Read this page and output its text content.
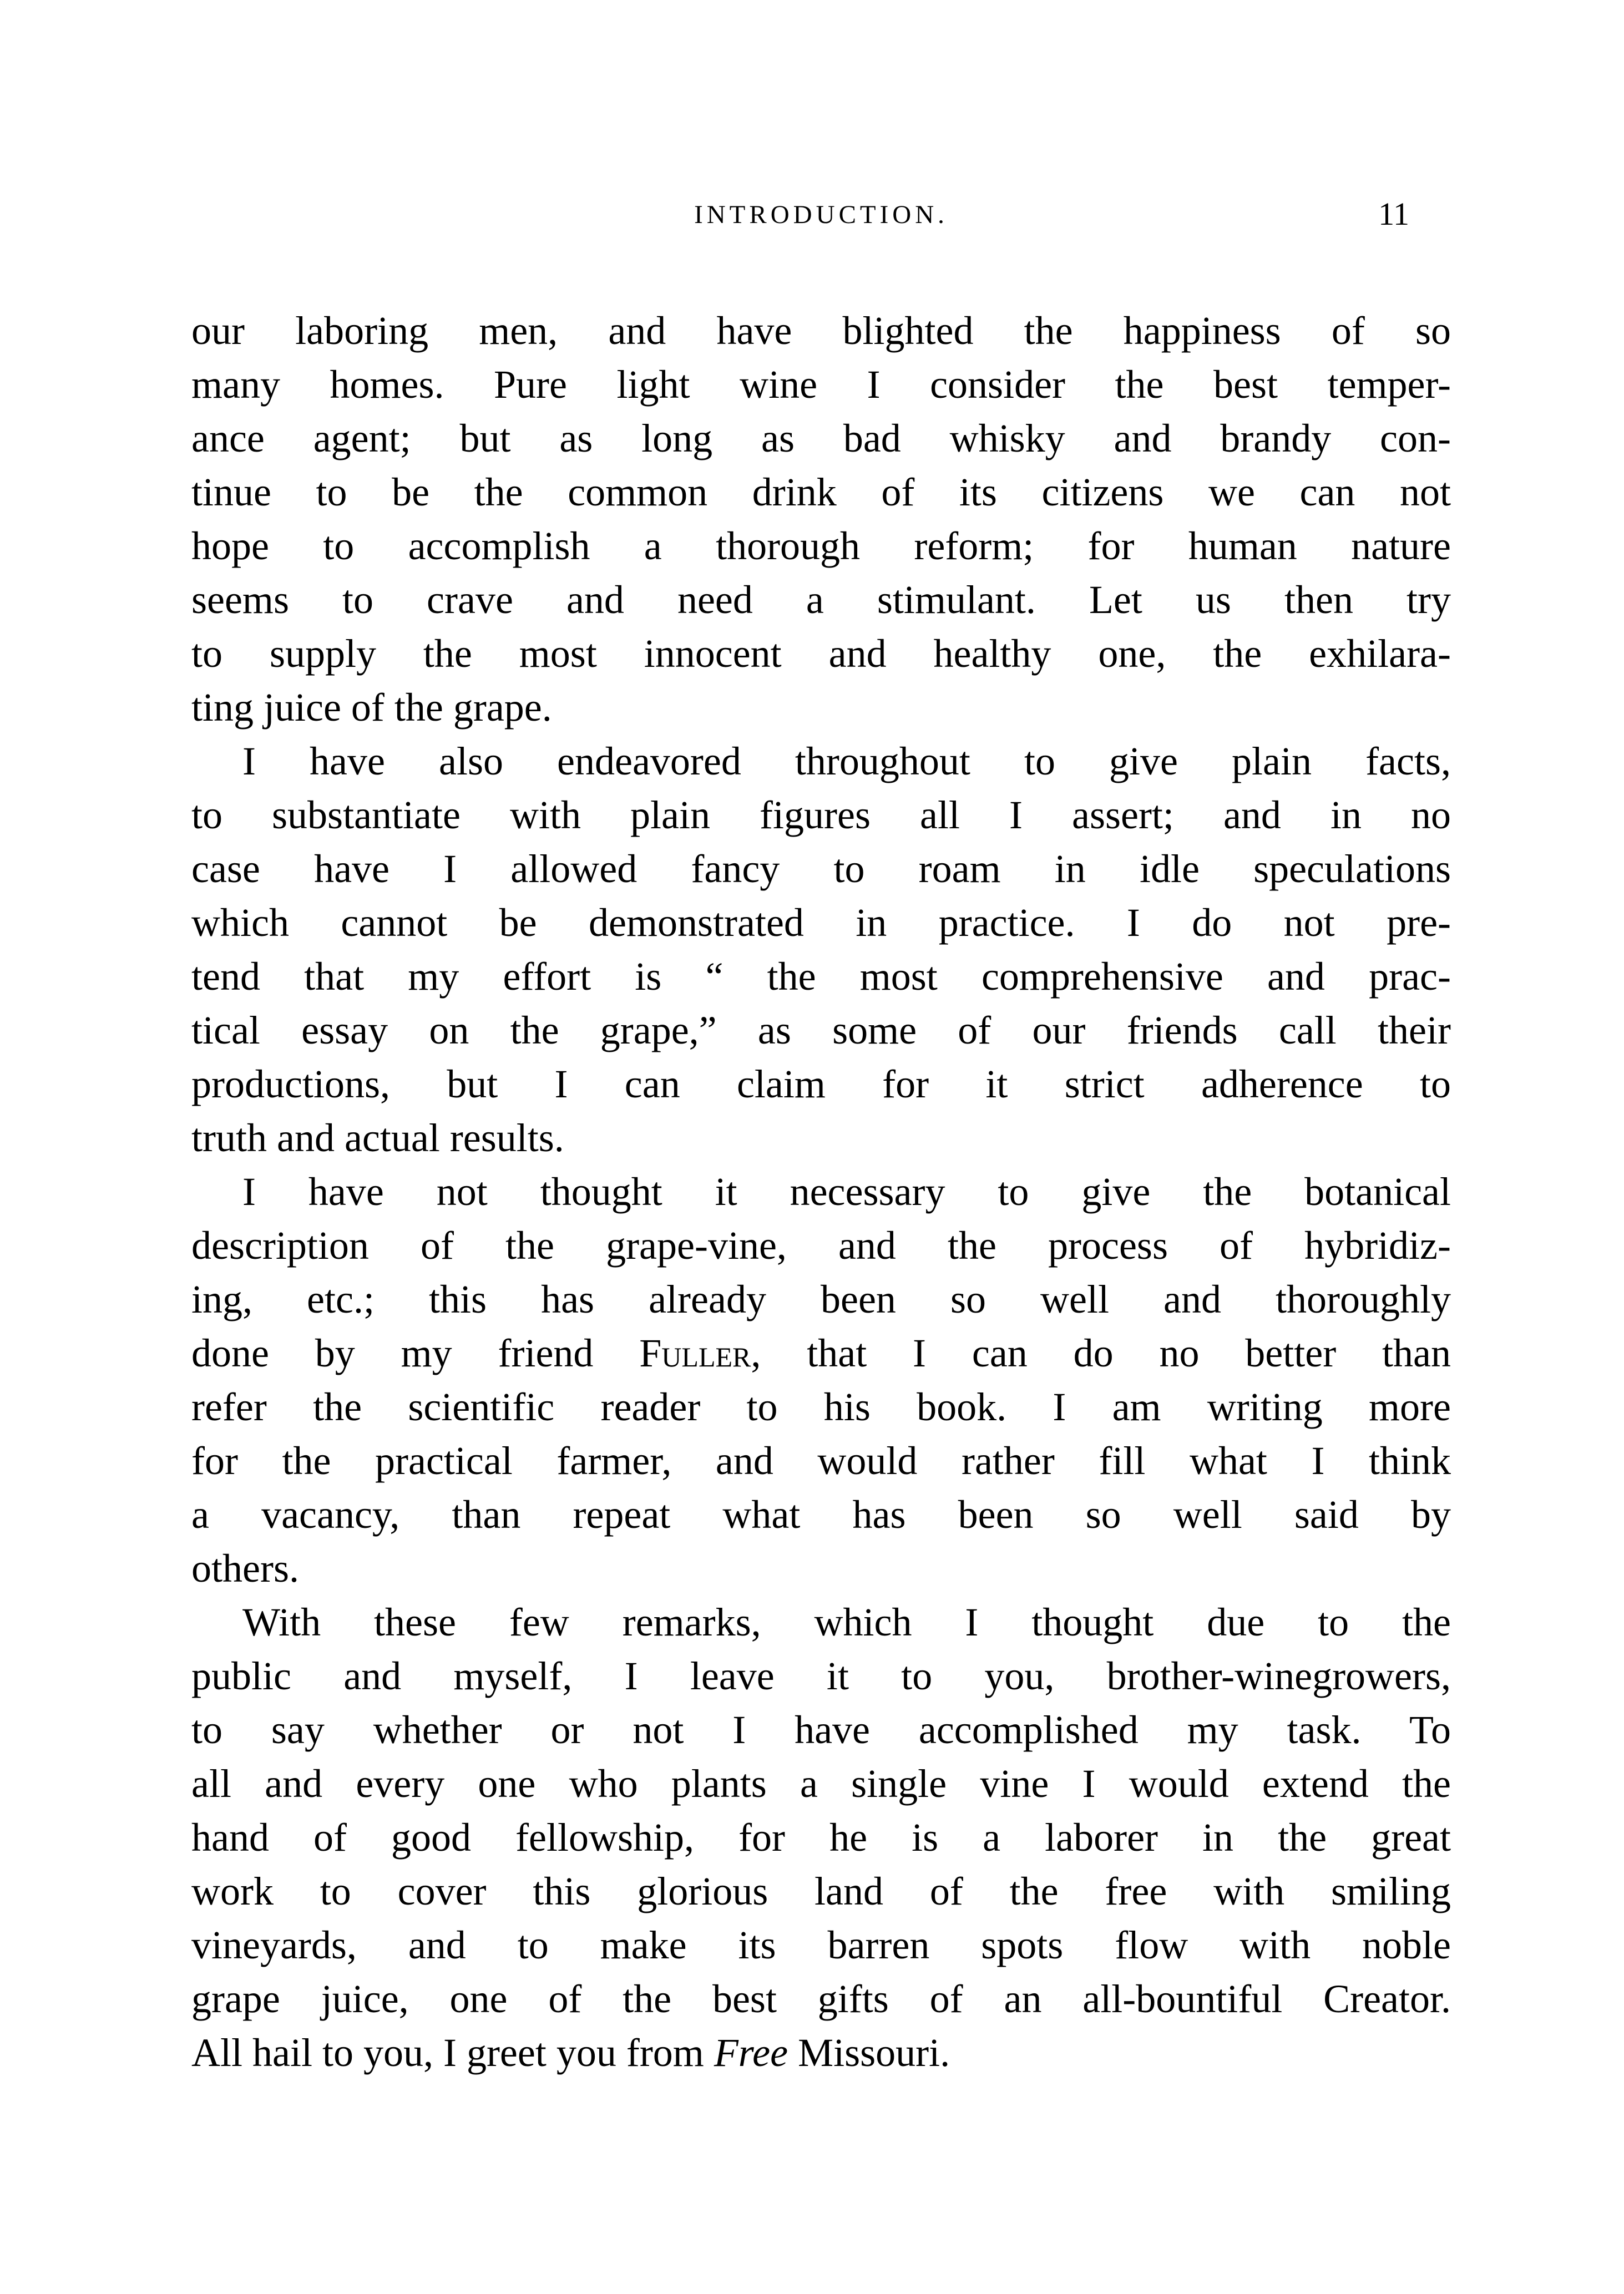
INTRODUCTION.	11
our laboring men, and have blighted the happiness of so
many homes. Pure light wine I consider the best temper-
ance agent; but as long as bad whisky and brandy con-
tinue to be the common drink of its citizens we can not
hope to accomplish a thorough reform; for human nature
seems to crave and need a stimulant. Let us then try
to supply the most innocent and healthy one, the exhilara-
ting juice of the grape.
I have also endeavored throughout to give plain facts,
to substantiate with plain figures all I assert; and in no
case have I allowed fancy to roam in idle speculations
which cannot be demonstrated in practice. I do not pre-
tend that my effort is “ the most comprehensive and prac-
tical essay on the grape,” as some of our friends call their
productions, but I can claim for it strict adherence to
truth and actual results.
I have not thought it necessary to give the botanical
description of the grape-vine, and the process of hybridiz-
ing, etc.; this has already been so well and thoroughly
done by my friend Fuller, that I can do no better than
refer the scientific reader to his book. I am writing more
for the practical farmer, and would rather fill what I think
a vacancy, than repeat what has been so well said by
others.
With these few remarks, which I thought due to the
public and myself, I leave it to you, brother-winegrowers,
to say whether or not I have accomplished my task. To
all and every one who plants a single vine I would extend the
hand of good fellowship, for he is a laborer in the great
work to cover this glorious land of the free with smiling
vineyards, and to make its barren spots flow with noble
grape juice, one of the best gifts of an all-bountiful Creator.
All hail to you, I greet you from Free Missouri.
